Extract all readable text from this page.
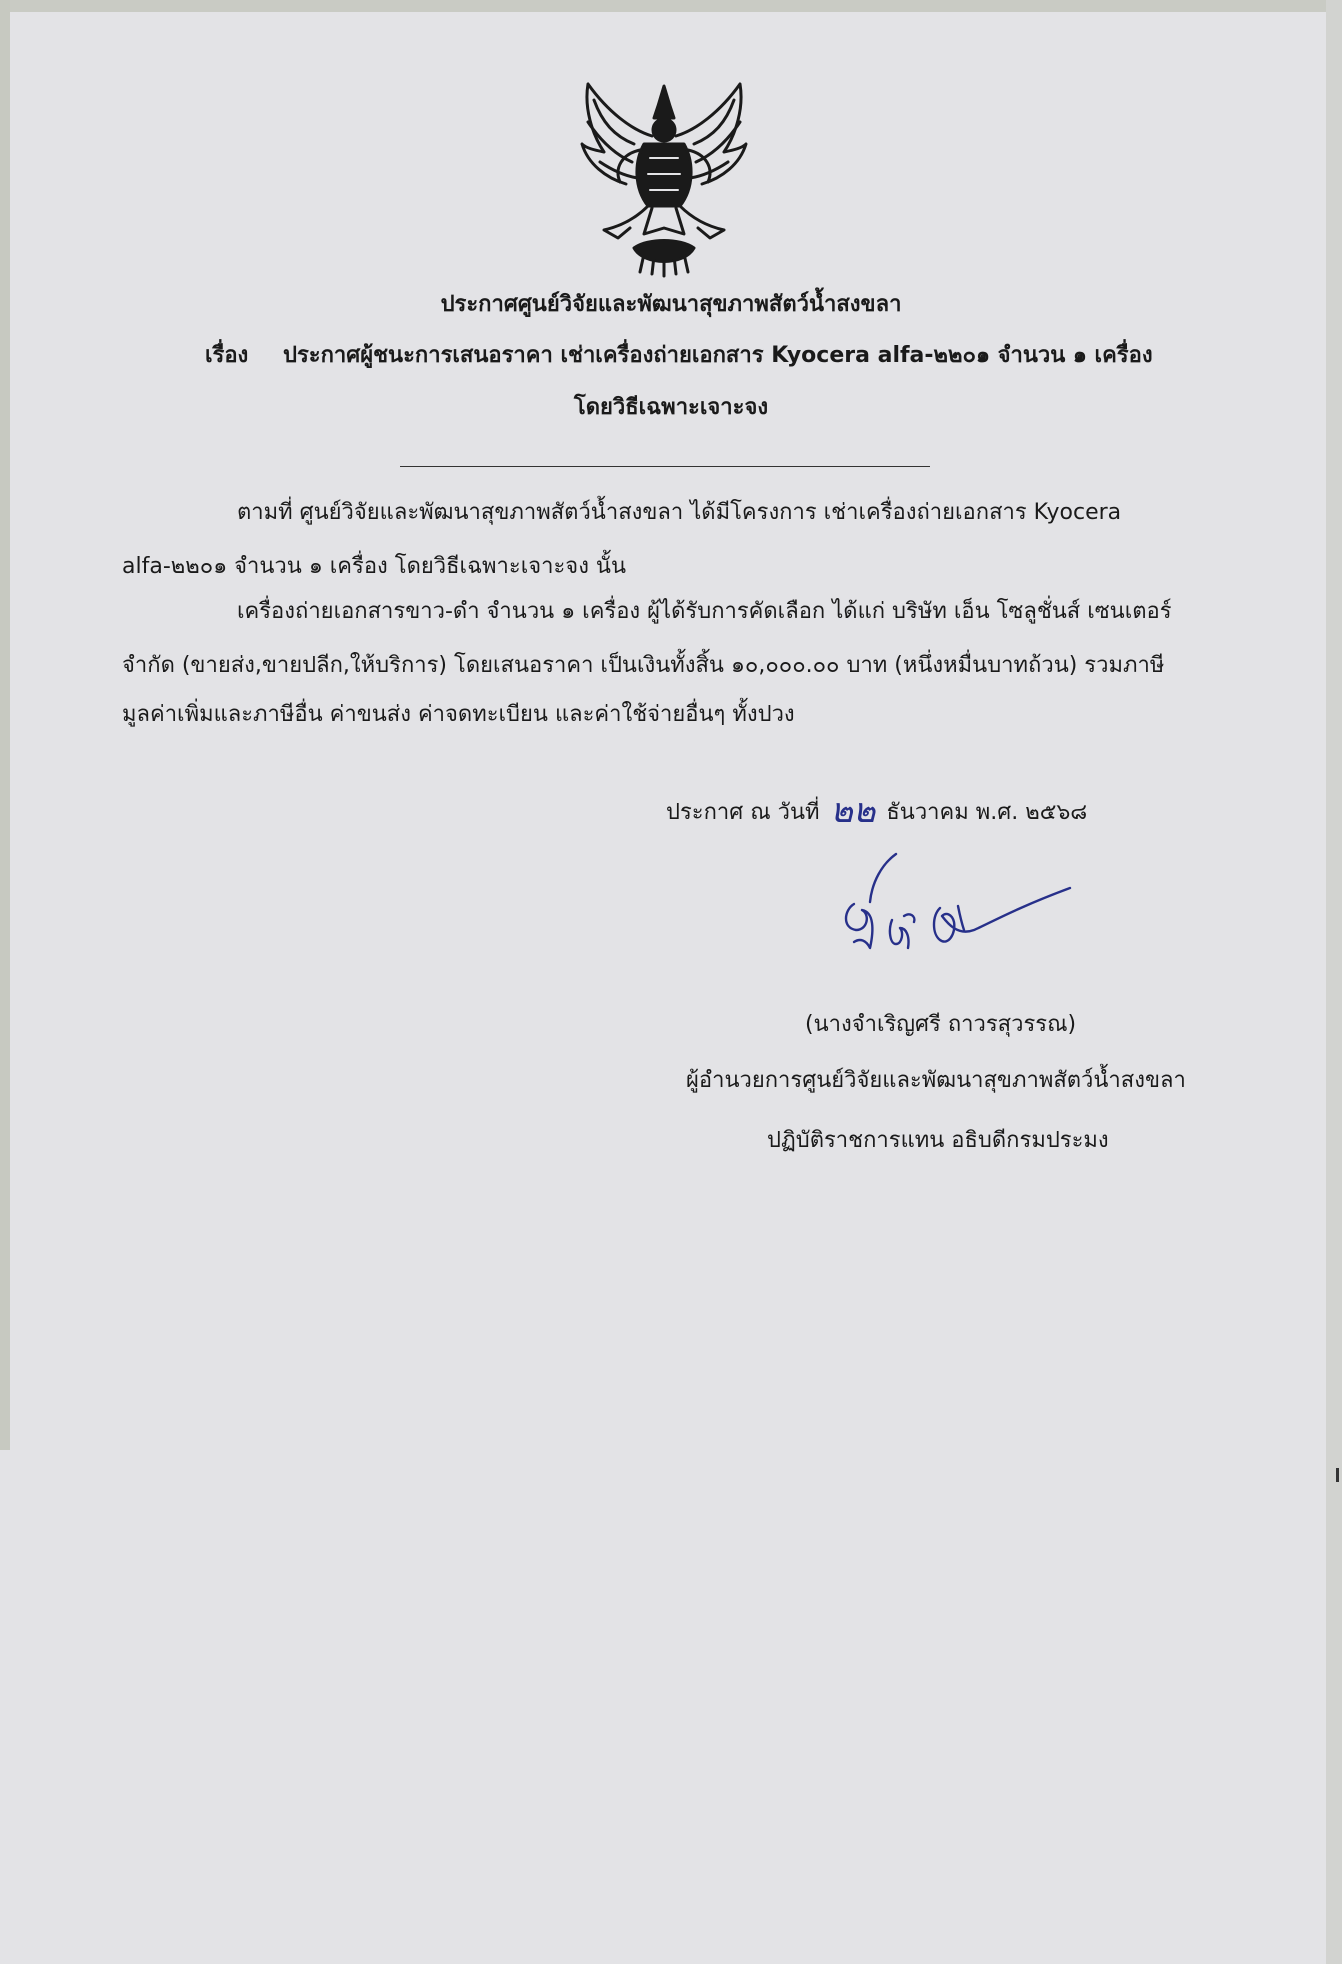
ประกาศศูนย์วิจัยและพัฒนาสุขภาพสัตว์น้ำสงขลา
เรื่อง ประกาศผู้ชนะการเสนอราคา เช่าเครื่องถ่ายเอกสาร Kyocera alfa-๒๒๐๑ จำนวน ๑ เครื่อง
โดยวิธีเฉพาะเจาะจง
ตามที่ ศูนย์วิจัยและพัฒนาสุขภาพสัตว์น้ำสงขลา ได้มีโครงการ เช่าเครื่องถ่ายเอกสาร Kyocera
alfa-๒๒๐๑ จำนวน ๑ เครื่อง โดยวิธีเฉพาะเจาะจง นั้น
เครื่องถ่ายเอกสารขาว-ดำ จำนวน ๑ เครื่อง ผู้ได้รับการคัดเลือก ได้แก่ บริษัท เอ็น โซลูชั่นส์ เซนเตอร์
จำกัด (ขายส่ง,ขายปลีก,ให้บริการ) โดยเสนอราคา เป็นเงินทั้งสิ้น ๑๐,๐๐๐.๐๐ บาท (หนึ่งหมื่นบาทถ้วน) รวมภาษี
มูลค่าเพิ่มและภาษีอื่น ค่าขนส่ง ค่าจดทะเบียน และค่าใช้จ่ายอื่นๆ ทั้งปวง
ประกาศ ณ วันที่ ๒๒ ธันวาคม พ.ศ. ๒๕๖๘
(นางจำเริญศรี ถาวรสุวรรณ)
ผู้อำนวยการศูนย์วิจัยและพัฒนาสุขภาพสัตว์น้ำสงขลา
ปฏิบัติราชการแทน อธิบดีกรมประมง
